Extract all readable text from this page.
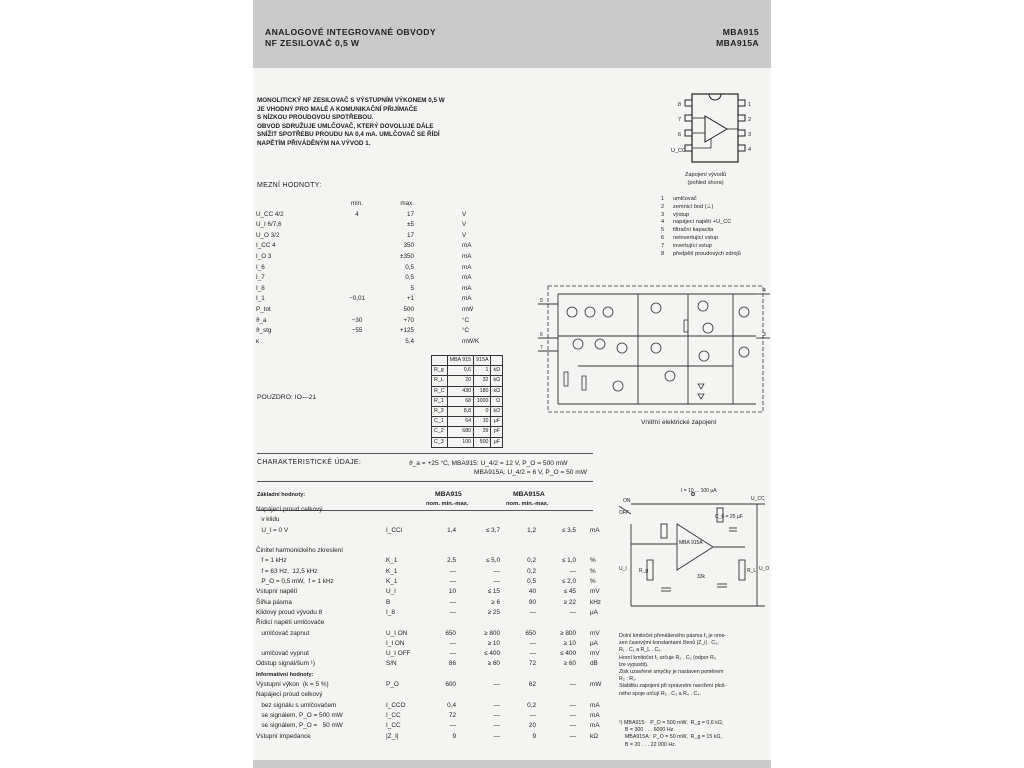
ANALOGOVÉ INTEGROVANÉ OBVODY
NF ZESILOVAČ 0,5 W
MBA915
MBA915A
MONOLITICKÝ NF ZESILOVAČ S VÝSTUPNÍM VÝKONEM 0,5 W
JE VHODNÝ PRO MALÉ A KOMUNIKAČNÍ PŘIJÍMAČE
S NÍZKOU PROUDOVOU SPOTŘEBOU.
OBVOD SDRUŽUJE UMLČOVAČ, KTERÝ DOVOLUJE DÁLE
SNÍŽIT SPOTŘEBU PROUDU NA 0,4 mA. UMLČOVAČ SE ŘÍDÍ
NAPĚTÍM PŘIVÁDĚNÝM NA VÝVOD 1.
8
7
6
U_CC
1
2
3
4
Zapojení vývodů
(pohled shora)
1 umlčovač
2 zemnicí bod (⊥)
3 výstup
4 napájecí napětí +U_CC
5 filtrační kapacita
6 neinvertující vstup
7 invertující vstup
8 předpětí proudových zdrojů
MEZNÍ HODNOTY:
	min.	max.	
U_CC 4/2	4	17	V
U_I 6/7,6		±5	V
U_O 3/2		17	V
I_CC 4		350	mA
I_O 3		±350	mA
I_6		0,5	mA
I_7		0,5	mA
I_8		5	mA
I_1	−0,01	+1	mA
P_tot		500	mW
ϑ_a	−30	+70	°C
ϑ_stg	−55	+125	°C
κ		5,4	mW/K
	MBA 915	915A	
R_g	0,6	1	kΩ
R_L	20	32	kΩ
R_C	430	180	kΩ
R_1	68	1000	Ω
R_3	8,8	0	kΩ
C_1	64	10	μF
C_2	680	39	pF
C_3	100	500	μF
POUZDRO: IO—21
5
6
7
4
3
Vnitřní elektrické zapojení
CHARAKTERISTICKÉ ÚDAJE:	ϑ_a = +25 °C, MBA915: U_4/2 = 12 V, P_O = 500 mW
MBA915A: U_4/2 = 6 V, P_O = 50 mW
Základní hodnoty:	MBA915	MBA915A
nom. min.-max.	nom. min.-max.
Napájecí proud celkový						
v klidu						
U_I = 0 V	I_CCI	1,4	≤ 3,7	1,2	≤ 3,5	mA

Činitel harmonického zkreslení						
f = 1 kHz	K_1	2,5	≤ 5,0	0,2	≤ 1,0	%
f = 63 Hz,  12,5 kHz	K_1	—	—	0,2	—	%
P_O = 0,5 mW,  f = 1 kHz	K_1	—	—	0,5	≤ 2,0	%
Vstupní napětí	U_I	10	≤ 15	40	≤ 45	mV
Šířka pásma	B	—	≥ 6	90	≥ 22	kHz
Klidový proud vývodu 8	I_8	—	≥ 25	—	—	μA
Řídicí napětí umlčovače						
umlčovač zapnut	U_I ON	650	≥ 800	650	≥ 800	mV
	I_I ON	—	≥ 10	—	≥ 10	μA
umlčovač vypnut	U_I OFF	—	≤ 400	—	≤ 400	mV
Odstup signál/šum ¹)	S/N	86	≥ 60	72	≥ 60	dB
Informativní hodnoty:						
Výstupní výkon  (k = 5 %)	P_O	600	—	62	—	mW
Napájecí proud celkový						
bez signálu s umlčovačem	I_CCO	0,4	—	0,2	—	mA
se signálem, P_O = 500 mW	I_CC	72	—	—	—	mA
se signálem, P_O =   50 mW	I_CC	—	—	20	—	mA
Vstupní impedance	|Z_I|	9	—	9	—	kΩ
I = 10 ... 100 μA
U_CC
MBA 915A
ON
OFF
U_I	U_O
R_g	R_L
33k
C_6 = 25 μF
Dolní kmitočet přenášeného pásma f₁ je ome-
zen časovými konstantami členů |Z_i| . C₃,
R₁ . C₁ a R_L . C₅.
Horní kmitočet f₂ určuje R₂ . C₂ (odpor R₃
lze vypustit).
Zisk uzavřené smyčky je nastaven poměrem
R₂ : R₁.
Stabilitu zapojení při správném navržení ploš-
ného spoje určují R₃ . C₃ a R₄ . C₄.
¹) MBA915:   P_O = 500 mW,  R_g = 0,6 kΩ,
B = 300 . . . 6000 Hz.
MBA915A:  P_O = 50 mW,  R_g = 15 kΩ,
B = 20 . . . 22 000 Hz.
